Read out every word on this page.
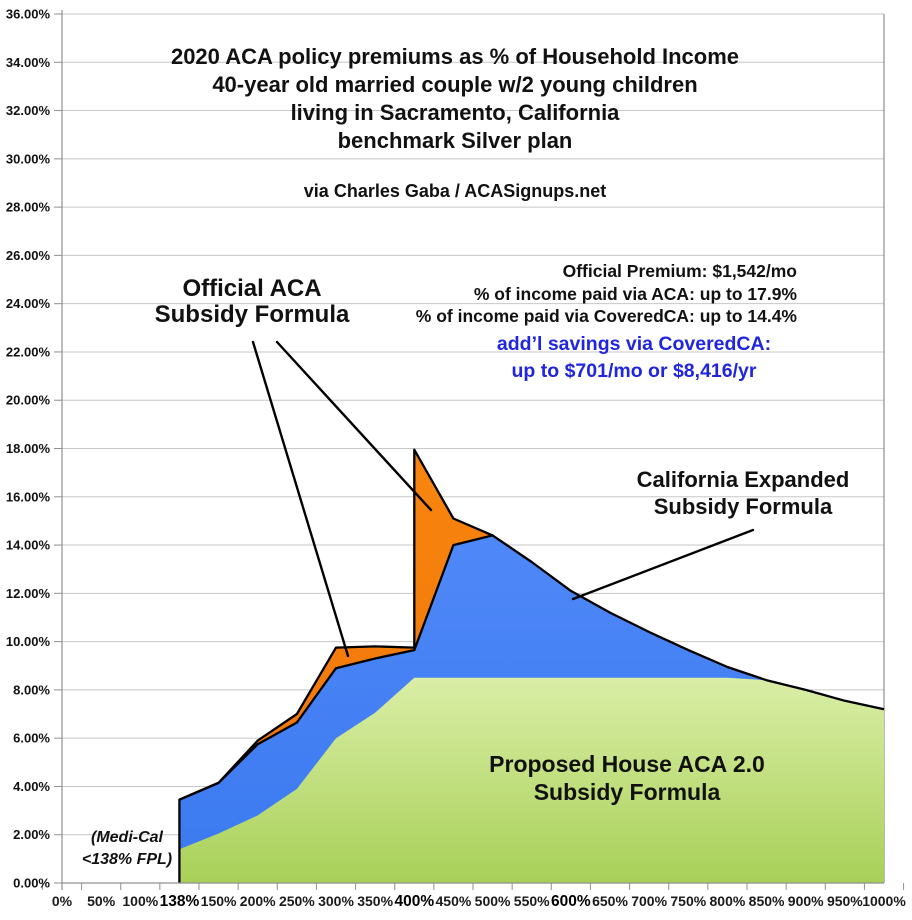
0.00%
2.00%
4.00%
6.00%
8.00%
10.00%
12.00%
14.00%
16.00%
18.00%
20.00%
22.00%
24.00%
26.00%
28.00%
30.00%
32.00%
34.00%
36.00%
0% 50% 100% 138% 150% 200% 250% 300% 350% 400% 450% 500% 550% 600% 650% 700% 750% 800% 850% 900% 950% 1000%
2020 ACA policy premiums as % of Household Income
40-year old married couple w/2 young children
living in Sacramento, California
benchmark Silver plan
via Charles Gaba / ACASignups.net
Official Premium: $1,542/mo
% of income paid via ACA: up to 17.9%
% of income paid via CoveredCA: up to 14.4%
add’l savings via CoveredCA:
up to $701/mo or $8,416/yr
Official ACA
Subsidy Formula
California Expanded
Subsidy Formula
Proposed House ACA 2.0
Subsidy Formula
(Medi-Cal
<138% FPL)
